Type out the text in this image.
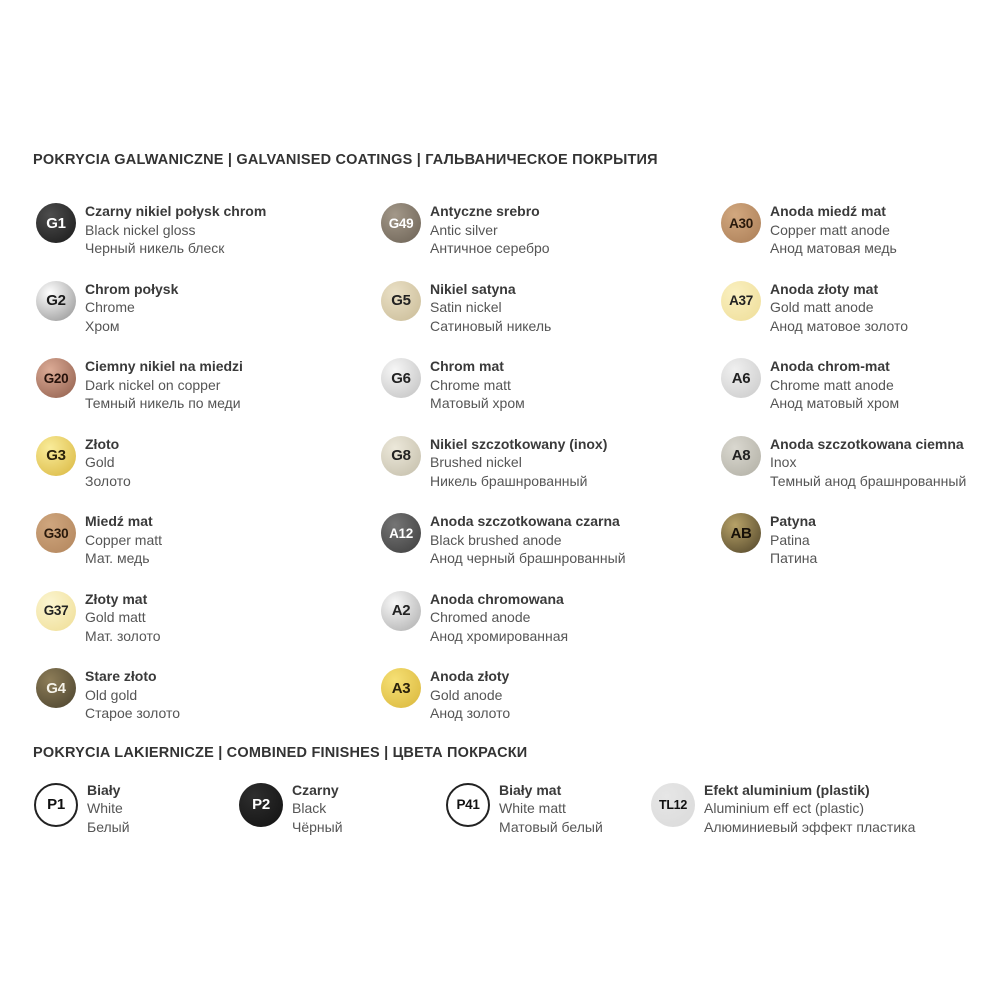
POKRYCIA GALWANICZNE | GALVANISED COATINGS | ГАЛЬВАНИЧЕСКОЕ ПОКРЫТИЯ
G1
Czarny nikiel połysk chrom
Black nickel gloss
Черный никель блеск
G2
Chrom połysk
Chrome
Хром
G20
Ciemny nikiel na miedzi
Dark nickel on copper
Темный никель по меди
G3
Złoto
Gold
Золото
G30
Miedź mat
Copper matt
Мат. медь
G37
Złoty mat
Gold matt
Мат. золото
G4
Stare złoto
Old gold
Старое золото
G49
Antyczne srebro
Antic silver
Античное серебро
G5
Nikiel satyna
Satin nickel
Сатиновый никель
G6
Chrom mat
Chrome matt
Матовый хром
G8
Nikiel szczotkowany (inox)
Brushed nickel
Никель брашнрованный
A12
Anoda szczotkowana czarna
Black brushed anode
Анод черный брашнрованный
A2
Anoda chromowana
Chromed anode
Анод хромированная
A3
Anoda złoty
Gold anode
Анод золото
A30
Anoda miedź mat
Copper matt anode
Анод матовая медь
A37
Anoda złoty mat
Gold matt anode
Анод матовое золото
A6
Anoda chrom-mat
Chrome matt anode
Анод матовый хром
A8
Anoda szczotkowana ciemna
Inox
Темный анод брашнрованный
AB
Patyna
Patina
Патина
POKRYCIA LAKIERNICZE | COMBINED FINISHES | ЦВЕТА ПОКРАСКИ
P1
Biały
White
Белый
P2
Czarny
Black
Чёрный
P41
Biały mat
White matt
Матовый белый
TL12
Efekt aluminium (plastik)
Aluminium eff ect (plastic)
Алюминиевый эффект пластика
